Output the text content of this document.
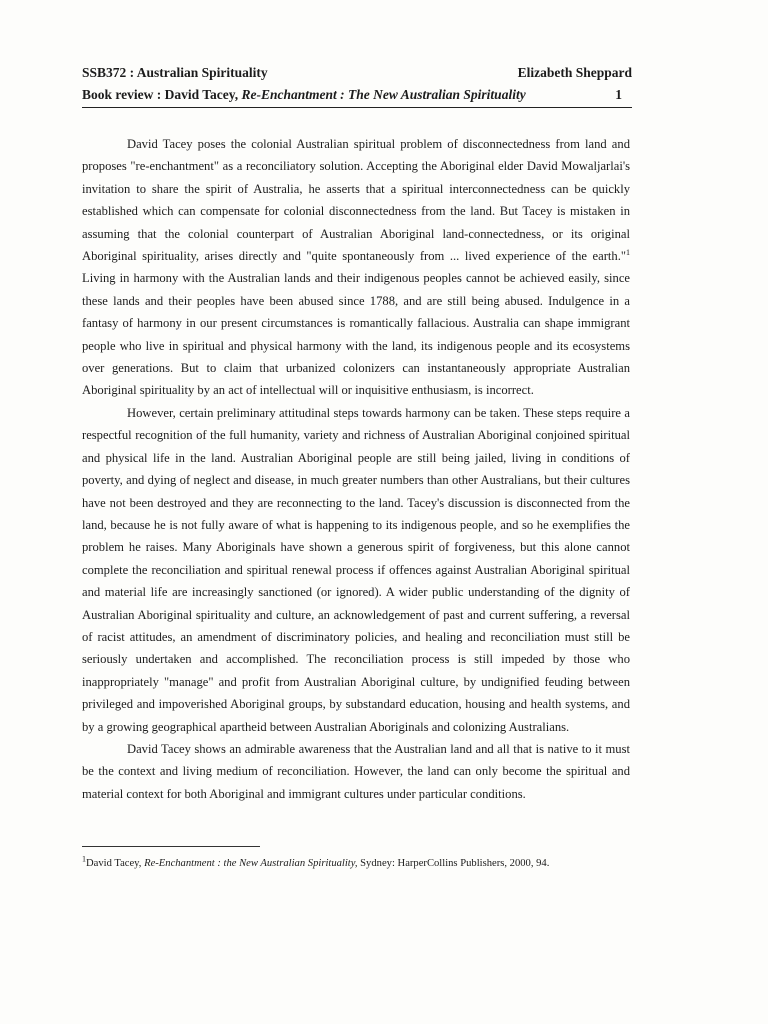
SSB372 : Australian Spirituality	Elizabeth Sheppard
Book review : David Tacey, Re-Enchantment : The New Australian Spirituality	1

David Tacey poses the colonial Australian spiritual problem of disconnectedness from land and proposes "re-enchantment" as a reconciliatory solution. Accepting the Aboriginal elder David Mowaljarlai's invitation to share the spirit of Australia, he asserts that a spiritual interconnectedness can be quickly established which can compensate for colonial disconnectedness from the land. But Tacey is mistaken in assuming that the colonial counterpart of Australian Aboriginal land-connectedness, or its original Aboriginal spirituality, arises directly and "quite spontaneously from ... lived experience of the earth."$^1$ Living in harmony with the Australian lands and their indigenous peoples cannot be achieved easily, since these lands and their peoples have been abused since 1788, and are still being abused. Indulgence in a fantasy of harmony in our present circumstances is romantically fallacious. Australia can shape immigrant people who live in spiritual and physical harmony with the land, its indigenous people and its ecosystems over generations. But to claim that urbanized colonizers can instantaneously appropriate Australian Aboriginal spirituality by an act of intellectual will or inquisitive enthusiasm, is incorrect.

However, certain preliminary attitudinal steps towards harmony can be taken. These steps require a respectful recognition of the full humanity, variety and richness of Australian Aboriginal conjoined spiritual and physical life in the land. Australian Aboriginal people are still being jailed, living in conditions of poverty, and dying of neglect and disease, in much greater numbers than other Australians, but their cultures have not been destroyed and they are reconnecting to the land. Tacey's discussion is disconnected from the land, because he is not fully aware of what is happening to its indigenous people, and so he exemplifies the problem he raises. Many Aboriginals have shown a generous spirit of forgiveness, but this alone cannot complete the reconciliation and spiritual renewal process if offences against Australian Aboriginal spiritual and material life are increasingly sanctioned (or ignored). A wider public understanding of the dignity of Australian Aboriginal spirituality and culture, an acknowledgement of past and current suffering, a reversal of racist attitudes, an amendment of discriminatory policies, and healing and reconciliation must still be seriously undertaken and accomplished. The reconciliation process is still impeded by those who inappropriately "manage" and profit from Australian Aboriginal culture, by undignified feuding between privileged and impoverished Aboriginal groups, by substandard education, housing and health systems, and by a growing geographical apartheid between Australian Aboriginals and colonizing Australians.

David Tacey shows an admirable awareness that the Australian land and all that is native to it must be the context and living medium of reconciliation. However, the land can only become the spiritual and material context for both Aboriginal and immigrant cultures under particular conditions.

$^1$David Tacey, Re-Enchantment : the New Australian Spirituality, Sydney: HarperCollins Publishers, 2000, 94.
